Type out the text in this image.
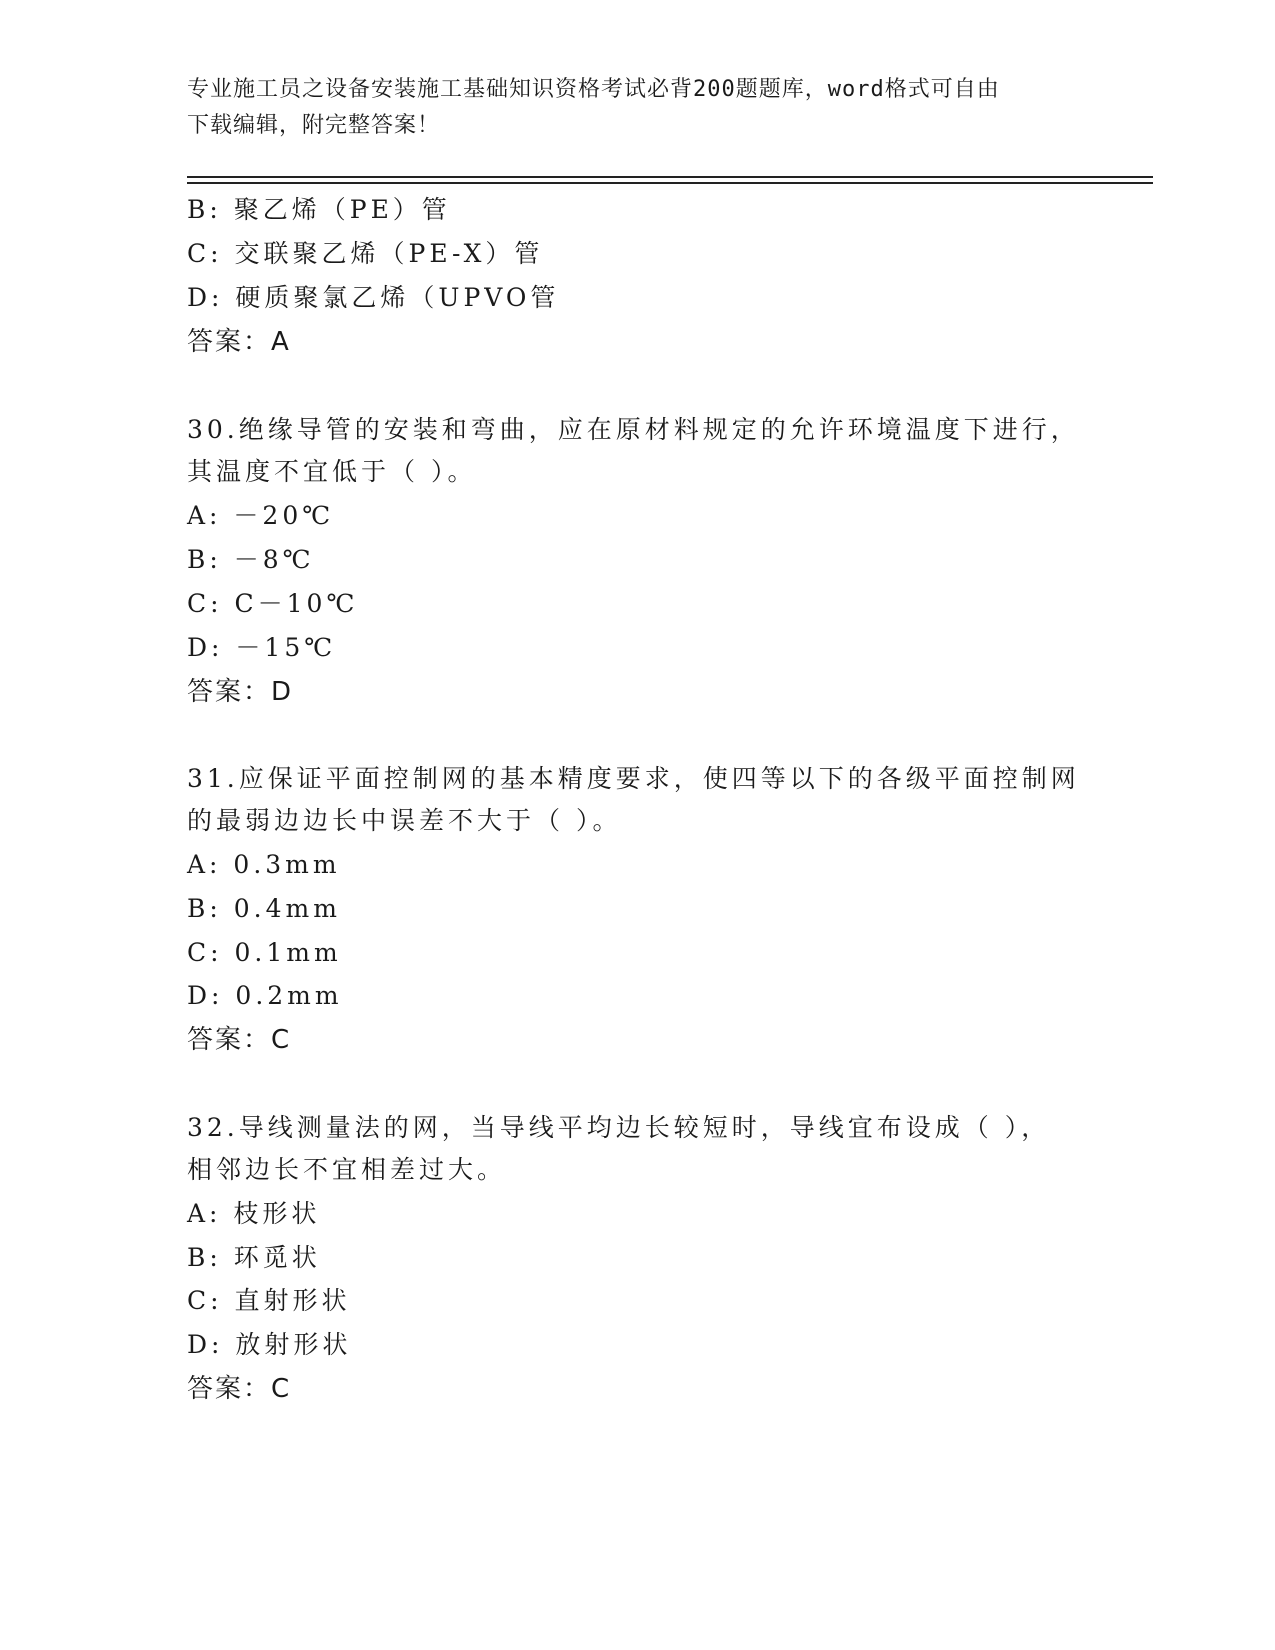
专业施工员之设备安装施工基础知识资格考试必背200题题库，word格式可自由
下载编辑，附完整答案！
B: 聚乙烯（PE）管
C: 交联聚乙烯（PE-X）管
D: 硬质聚氯乙烯（UPVO管
答案：A
30.绝缘导管的安装和弯曲，应在原材料规定的允许环境温度下进行，
其温度不宜低于（ ）。
A: －20℃
B: －8℃
C: C－10℃
D: －15℃
答案：D
31.应保证平面控制网的基本精度要求，使四等以下的各级平面控制网
的最弱边边长中误差不大于（ ）。
A: 0.3mm
B: 0.4mm
C: 0.1mm
D: 0.2mm
答案：C
32.导线测量法的网，当导线平均边长较短时，导线宜布设成（ ），
相邻边长不宜相差过大。
A: 枝形状
B: 环觅状
C: 直射形状
D: 放射形状
答案：C
